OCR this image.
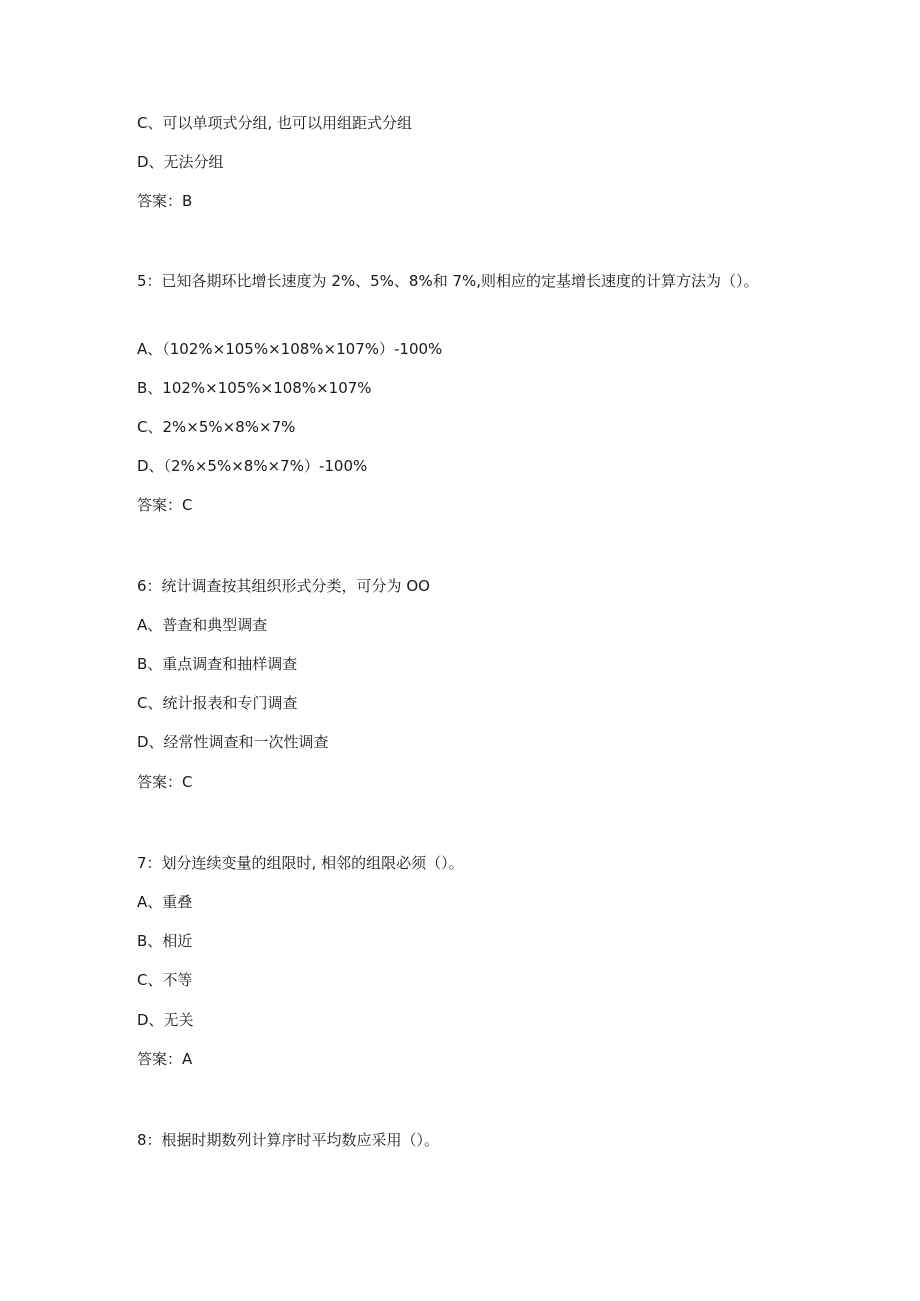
C、可以单项式分组, 也可以用组距式分组

D、无法分组

答案：B

5：已知各期环比增长速度为 2%、5%、8%和 7%,则相应的定基增长速度的计算方法为（）。

A、（102%×105%×108%×107%）-100%

B、102%×105%×108%×107%

C、2%×5%×8%×7%

D、（2%×5%×8%×7%）-100%

答案：C

6：统计调查按其组织形式分类，可分为 OO

A、普查和典型调查

B、重点调查和抽样调查

C、统计报表和专门调查

D、经常性调查和一次性调查

答案：C

7：划分连续变量的组限时, 相邻的组限必须（）。

A、重叠

B、相近

C、不等

D、无关

答案：A

8：根据时期数列计算序时平均数应采用（）。
